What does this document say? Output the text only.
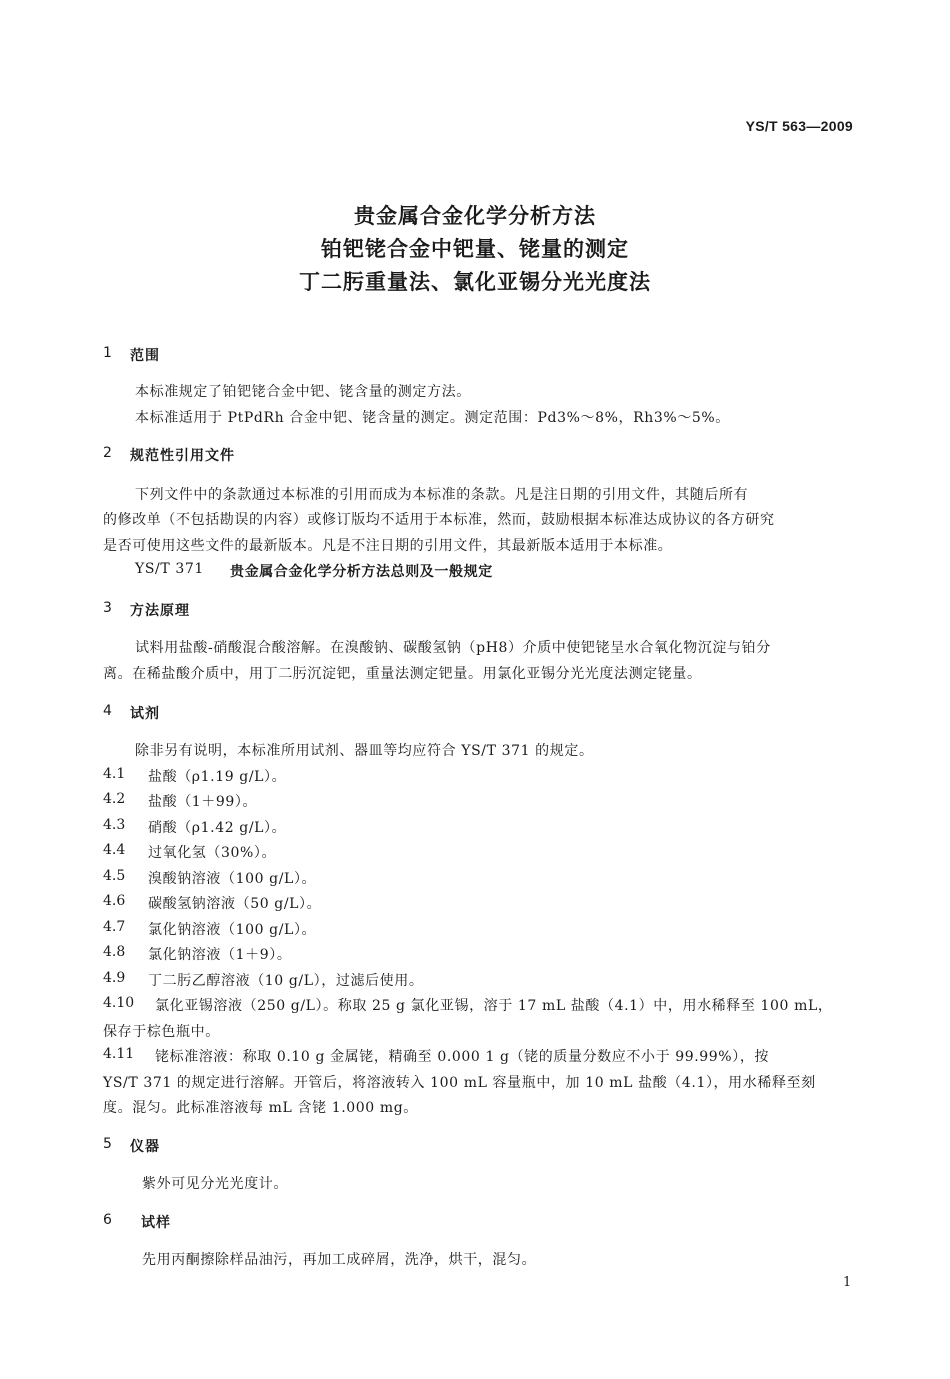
YS/T 563—2009
贵金属合金化学分析方法
铂钯铑合金中钯量、铑量的测定
丁二肟重量法、氯化亚锡分光光度法
1 范围
本标准规定了铂钯铑合金中钯、铑含量的测定方法。
本标准适用于 PtPdRh 合金中钯、铑含量的测定。测定范围：Pd3%～8%，Rh3%～5%。
2 规范性引用文件
下列文件中的条款通过本标准的引用而成为本标准的条款。凡是注日期的引用文件，其随后所有
的修改单（不包括勘误的内容）或修订版均不适用于本标准，然而，鼓励根据本标准达成协议的各方研究
是否可使用这些文件的最新版本。凡是不注日期的引用文件，其最新版本适用于本标准。
YS/T 371 贵金属合金化学分析方法总则及一般规定
3 方法原理
试料用盐酸-硝酸混合酸溶解。在溴酸钠、碳酸氢钠（pH8）介质中使钯铑呈水合氧化物沉淀与铂分
离。在稀盐酸介质中，用丁二肟沉淀钯，重量法测定钯量。用氯化亚锡分光光度法测定铑量。
4 试剂
除非另有说明，本标准所用试剂、器皿等均应符合 YS/T 371 的规定。
4.1 盐酸（ρ1.19 g/L）。
4.2 盐酸（1＋99）。
4.3 硝酸（ρ1.42 g/L）。
4.4 过氧化氢（30%）。
4.5 溴酸钠溶液（100 g/L）。
4.6 碳酸氢钠溶液（50 g/L）。
4.7 氯化钠溶液（100 g/L）。
4.8 氯化钠溶液（1＋9）。
4.9 丁二肟乙醇溶液（10 g/L），过滤后使用。
4.10 氯化亚锡溶液（250 g/L）。称取 25 g 氯化亚锡，溶于 17 mL 盐酸（4.1）中，用水稀释至 100 mL，
保存于棕色瓶中。
4.11 铑标准溶液：称取 0.10 g 金属铑，精确至 0.000 1 g（铑的质量分数应不小于 99.99%），按
YS/T 371 的规定进行溶解。开管后，将溶液转入 100 mL 容量瓶中，加 10 mL 盐酸（4.1），用水稀释至刻
度。混匀。此标准溶液每 mL 含铑 1.000 mg。
5 仪器
紫外可见分光光度计。
6 试样
先用丙酮擦除样品油污，再加工成碎屑，洗净，烘干，混匀。
1
